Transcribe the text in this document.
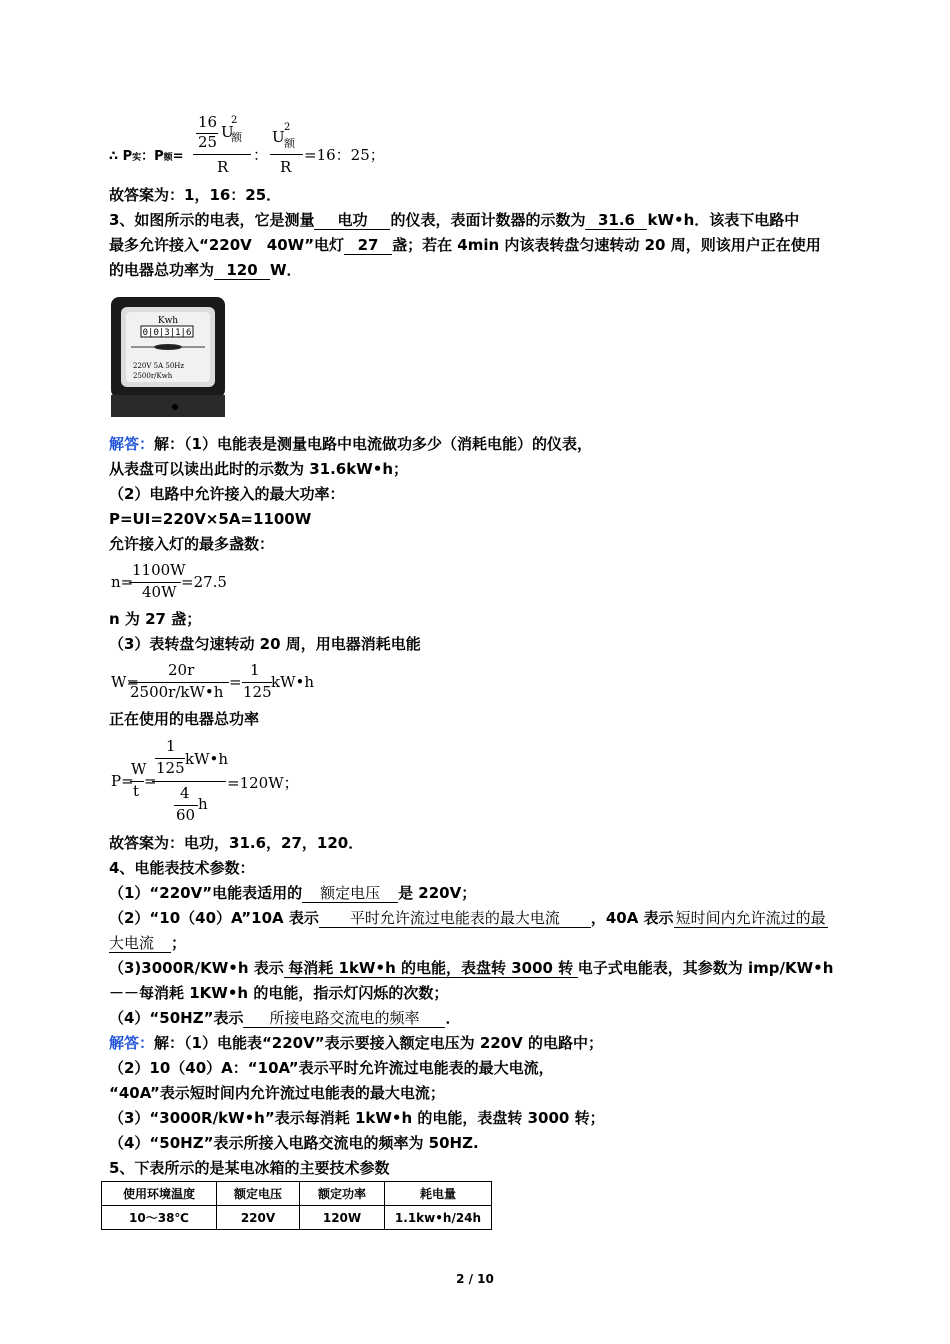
∴ P实：P额=
16
25
U
2
额
R
：
U
2
额
R
=16：25；
故答案为：1，16：25．
3、如图所示的电表，它是测量 电功 的仪表，表面计数器的示数为 31.6 kW•h．该表下电路中
最多允许接入“220V　40W”电灯 27 盏；若在 4min 内该表转盘匀速转动 20 周，则该用户正在使用
的电器总功率为 120 W．
Kwh
0|0|3|1|6
220V 5A 50Hz
2500r/Kwh
解答：解：（1）电能表是测量电路中电流做功多少（消耗电能）的仪表，
从表盘可以读出此时的示数为 31.6kW•h；
（2）电路中允许接入的最大功率：
P=UI=220V×5A=1100W
允许接入灯的最多盏数：
n=
1100W
40W
=27.5
n 为 27 盏；
（3）表转盘匀速转动 20 周，用电器消耗电能
W=
20r
2500r/kW•h
=
1
125
kW•h
正在使用的电器总功率
P=
W
t
=
1
125 kW•h
4
60
h
=120W；
故答案为：电功，31.6，27，120．
4、电能表技术参数：
（1）“220V”电能表适用的 额定电压 是 220V；
（2）“10（40）A”10A 表示 平时允许流过电能表的最大电流 ，40A 表示 短时间内允许流过的最
大电流 ；
（3)3000R/KW•h 表示 每消耗 1kW•h 的电能，表盘转 3000 转 电子式电能表，其参数为 imp/KW•h
－－每消耗 1KW•h 的电能，指示灯闪烁的次数；
（4）“50HZ”表示 所接电路交流电的频率 ．
解答：解：（1）电能表“220V”表示要接入额定电压为 220V 的电路中；
（2）10（40）A：“10A”表示平时允许流过电能表的最大电流，
“40A”表示短时间内允许流过电能表的最大电流；
（3）“3000R/kW•h”表示每消耗 1kW•h 的电能，表盘转 3000 转；
（4）“50HZ”表示所接入电路交流电的频率为 50HZ.
5、下表所示的是某电冰箱的主要技术参数
使用环境温度	额定电压	额定功率	耗电量
10～38℃	220V	120W	1.1kw•h/24h
2 / 10
